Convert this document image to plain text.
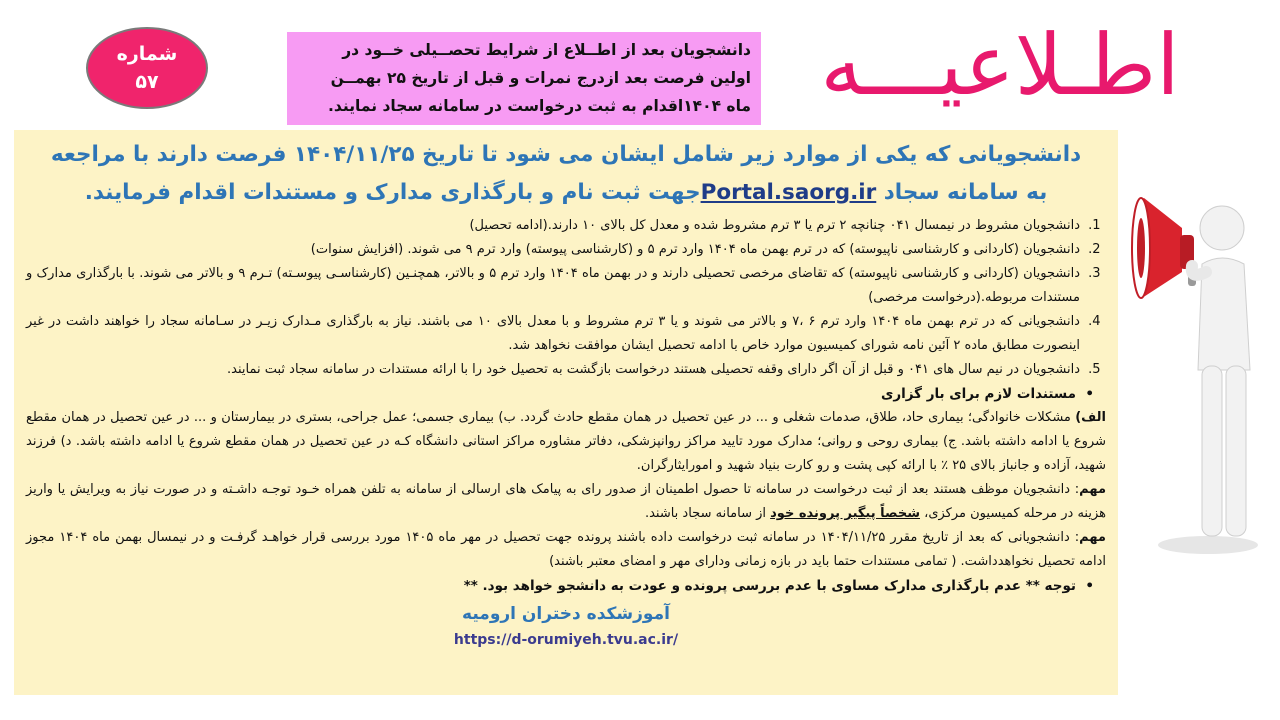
شماره
۵۷
دانشجویان بعد از اطــلاع از شرایط تحصــیلی خــود در
اولین فرصت بعد ازدرج نمرات و قبل از تاریخ ۲۵ بهمــن
ماه ۱۴۰۴اقدام به ثبت درخواست در سامانه سجاد نمایند. اطـلاعیـــه
دانشجویانی که یکی از موارد زیر شامل ایشان می شود تا تاریخ ۱۴۰۴/۱۱/۲۵ فرصت دارند با مراجعه
به سامانه سجاد Portal.saorg.irجهت ثبت نام و بارگذاری مدارک و مستندات اقدام فرمایند.
1. دانشجویان مشروط در نیمسال ۰۴۱ چنانچه ۲ ترم یا ۳ ترم مشروط شده و معدل کل بالای ۱۰ دارند.(ادامه تحصیل)
2. دانشجویان (کاردانی و کارشناسی ناپیوسته) که در ترم بهمن ماه ۱۴۰۴ وارد ترم ۵ و (کارشناسی پیوسته) وارد ترم ۹ می شوند. (افزایش سنوات)
3. دانشجویان (کاردانی و کارشناسی ناپیوسته) که تقاضای مرخصی تحصیلی دارند و در بهمن ماه ۱۴۰۴ وارد ترم ۵ و بالاتر، همچنـین (کارشناسـی پیوسـته) تـرم ۹ و بالاتر می شوند. با بارگذاری مدارک و مستندات مربوطه.(درخواست مرخصی)
4. دانشجویانی که در ترم بهمن ماه ۱۴۰۴ وارد ترم ۶ ،۷ و بالاتر می شوند و یا ۳ ترم مشروط و با معدل بالای ۱۰ می باشند. نیاز به بارگذاری مـدارک زیـر در سـامانه سجاد را خواهند داشت در غیر اینصورت مطابق ماده ۲ آئین نامه شورای کمیسیون موارد خاص با ادامه تحصیل ایشان موافقت نخواهد شد.
5. دانشجویان در نیم سال های ۰۴۱ و قبل از آن اگر دارای وقفه تحصیلی هستند درخواست بازگشت به تحصیل خود را با ارائه مستندات در سامانه سجاد ثبت نمایند.
• مستندات لازم برای بار گزاری

الف) مشکلات خانوادگی؛ بیماری حاد، طلاق، صدمات شغلی و ... در عین تحصیل در همان مقطع حادث گردد. ب) بیماری جسمی؛ عمل جراحی، بستری در بیمارستان و ... در عین تحصیل در همان مقطع شروع یا ادامه داشته باشد. ج) بیماری روحی و روانی؛ مدارک مورد تایید مراکز روانپزشکی، دفاتر مشاوره مراکز استانی دانشگاه کـه در عین تحصیل در همان مقطع شروع یا ادامه داشته باشد. د) فرزند شهید، آزاده و جانباز بالای ۲۵ ٪ با ارائه کپی پشت و رو کارت بنیاد شهید و امورایثارگران.

مهم: دانشجویان موظف هستند بعد از ثبت درخواست در سامانه تا حصول اطمینان از صدور رای به پیامک های ارسالی از سامانه به تلفن همراه خـود توجـه داشـته و در صورت نیاز به ویرایش یا واریز هزینه در مرحله کمیسیون مرکزی، شخصاً پیگیر پرونده خود از سامانه سجاد باشند.

مهم: دانشجویانی که بعد از تاریخ مقرر ۱۴۰۴/۱۱/۲۵ در سامانه ثبت درخواست داده باشند پرونده جهت تحصیل در مهر ماه ۱۴۰۵ مورد بررسی قرار خواهـد گرفـت و در نیمسال بهمن ماه ۱۴۰۴ مجوز ادامه تحصیل نخواهدداشت. ( تمامی مستندات حتما باید در بازه زمانی ودارای مهر و امضای معتبر باشند)

• توجه ** عدم بارگذاری مدارک مساوی با عدم بررسی پرونده و عودت به دانشجو خواهد بود. **
آموزشکده دختران ارومیه
https://d-orumiyeh.tvu.ac.ir/
